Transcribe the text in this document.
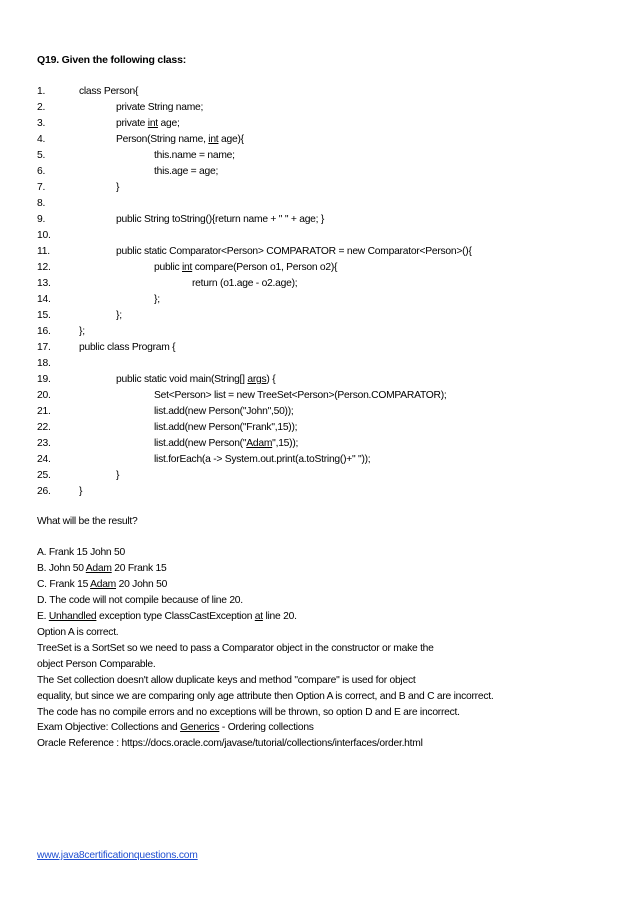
Q19. Given the following class:
1.	class Person{
2.	private String name;
3.	private int age;
4.	Person(String name, int age){
5.	this.name = name;
6.	this.age = age;
7.	}
8.
9.	public String toString(){return name + " " + age; }
10.
11.	public static Comparator<Person> COMPARATOR = new Comparator<Person>(){
12.	public int compare(Person o1, Person o2){
13.	return (o1.age - o2.age);
14.	};
15.	};
16.	};
17.	public class Program {
18.
19.	public static void main(String[] args) {
20.	Set<Person> list = new TreeSet<Person>(Person.COMPARATOR);
21.	list.add(new Person("John",50));
22.	list.add(new Person("Frank",15));
23.	list.add(new Person("Adam",15));
24.	list.forEach(a -> System.out.print(a.toString()+" "));
25.	}
26.	}
What will be the result?
A. Frank 15 John 50
B. John 50 Adam 20 Frank 15
C. Frank 15 Adam 20 John 50
D. The code will not compile because of line 20.
E. Unhandled exception type ClassCastException at line 20.
Option A is correct.
TreeSet is a SortSet so we need to pass a Comparator object in the constructor or make the
object Person Comparable.
The Set collection doesn't allow duplicate keys and method "compare" is used for object
equality, but since we are comparing only age attribute then Option A is correct, and B and C are incorrect.
The code has no compile errors and no exceptions will be thrown, so option D and E are incorrect.
Exam Objective: Collections and Generics - Ordering collections
Oracle Reference : https://docs.oracle.com/javase/tutorial/collections/interfaces/order.html
www.java8certificationquestions.com
